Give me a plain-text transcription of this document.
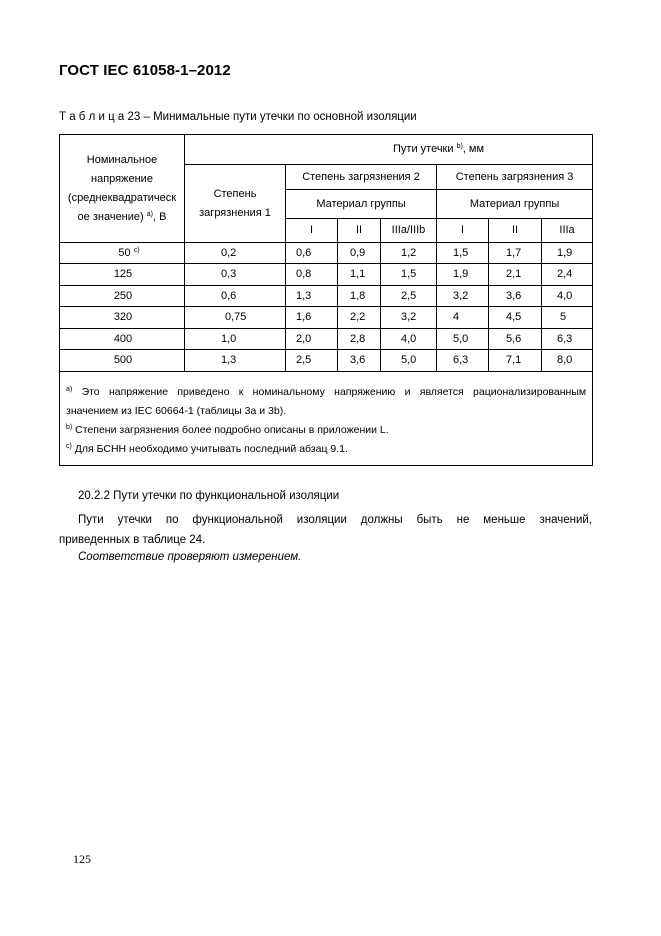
ГОСТ IEC 61058-1–2012
Т а б л и ц а 23 – Минимальные пути утечки по основной изоляции
Номинальное
напряжение
(среднеквадратическ
ое значение) $^{a)}$, В	Пути утечки $^{b)}$, мм						

	Степень
загрязнения 1	Степень загрязнения 2			Степень загрязнения 3		
		Материал группы			Материал группы		
		I	II	IIIa/IIIb	I	II	IIIa
50 $^{c)}$	0,2	0,6	0,9	1,2	1,5	1,7	1,9
125	0,3	0,8	1,1	1,5	1,9	2,1	2,4
250	0,6	1,3	1,8	2,5	3,2	3,6	4,0
320	0,75	1,6	2,2	3,2	4	4,5	5
400	1,0	2,0	2,8	4,0	5,0	5,6	6,3
500	1,3	2,5	3,6	5,0	6,3	7,1	8,0

$^{a)}$ Это напряжение приведено к номинальному напряжению и является рационализированным
значением из IEC 60664-1 (таблицы 3а и 3b).
$^{b)}$ Степени загрязнения более подробно описаны в приложении L.
$^{c)}$ Для БСНН необходимо учитывать последний абзац 9.1.							
20.2.2 Пути утечки по функциональной изоляции
Пути утечки по функциональной изоляции должны быть не меньше значений,
приведенных в таблице 24.
Соответствие проверяют измерением.
125
